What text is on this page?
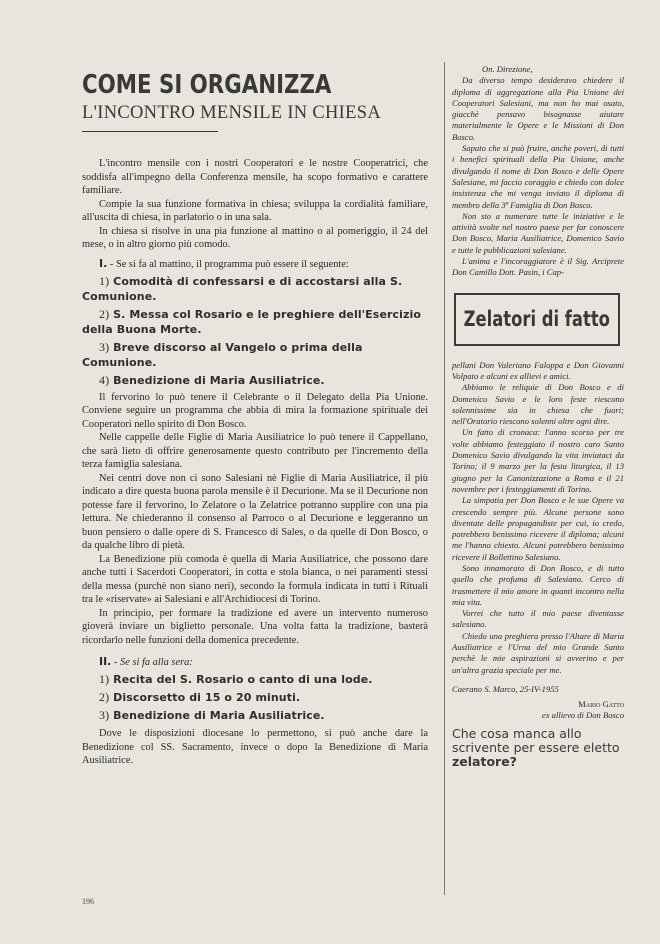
COME SI ORGANIZZA
L'INCONTRO MENSILE IN CHIESA

L'incontro mensile con i nostri Cooperatori e le nostre Cooperatrici, che soddisfa all'impegno della Conferenza mensile, ha scopo formativo e carattere familiare.

Compie la sua funzione formativa in chiesa; sviluppa la cordialità familiare, all'uscita di chiesa, in parlatorio o in una sala.

In chiesa si risolve in una pia funzione al mattino o al pomeriggio, il 24 del mese, o in altro giorno più comodo.

I. - Se si fa al mattino, il programma può essere il seguente:
1) Comodità di confessarsi e di accostarsi alla S. Comunione.
2) S. Messa col Rosario e le preghiere dell'Esercizio della Buona Morte.
3) Breve discorso al Vangelo o prima della Comunione.
4) Benedizione di Maria Ausiliatrice.

Il fervorino lo può tenere il Celebrante o il Delegato della Pia Unione. Conviene seguire un programma che abbia di mira la formazione spirituale dei Cooperatori nello spirito di Don Bosco.

Nelle cappelle delle Figlie di Maria Ausiliatrice lo può tenere il Cappellano, che sarà lieto di offrire generosamente questo contributo per l'incremento della terza famiglia salesiana.

Nei centri dove non ci sono Salesiani nè Figlie di Maria Ausiliatrice, il più indicato a dire questa buona parola mensile è il Decurione. Ma se il Decurione non potesse fare il fervorino, lo Zelatore o la Zelatrice potranno supplire con una pia lettura. Ne chiederanno il consenso al Parroco o al Decurione e leggeranno un buon pensiero o dalle opere di S. Francesco di Sales, o da quelle di Don Bosco, o da qualche libro di pietà.

La Benedizione più comoda è quella di Maria Ausiliatrice, che possono dare anche tutti i Sacerdoti Cooperatori, in cotta e stola bianca, o nei paramenti stessi della messa (purchè non siano neri), secondo la formula indicata in tutti i Rituali tra le «riservate» ai Salesiani e all'Archidiocesi di Torino.

In principio, per formare la tradizione ed avere un intervento numeroso gioverà inviare un biglietto personale. Una volta fatta la tradizione, basterà ricordarlo nelle funzioni della domenica precedente.

II. - Se si fa alla sera:
1) Recita del S. Rosario o canto di una lode.
2) Discorsetto di 15 o 20 minuti.
3) Benedizione di Maria Ausiliatrice.

Dove le disposizioni diocesane lo permettono, si può anche dare la Benedizione col SS. Sacramento, invece o dopo la Benedizione di Maria Ausiliatrice.

196

On. Direzione,

Da diverso tempo desideravo chiedere il diploma di aggregazione alla Pia Unione dei Cooperatori Salesiani, ma non ho mai osato, giacchè pensavo bisognasse aiutare materialmente le Opere e le Missioni di Don Bosco.

Saputo che si può fruire, anche poveri, di tutti i benefici spirituali della Pia Unione, anche divulgando il nome di Don Bosco e delle Opere Salesiane, mi faccio coraggio e chiedo con dolce insistenza che mi venga inviato il diploma di membro della 3ª Famiglia di Don Bosco.

Non sto a numerare tutte le iniziative e le attività svolte nel nostro paese per far conoscere Don Bosco, Maria Ausiliatrice, Domenico Savio e tutte le pubblicazioni salesiane.

L'anima e l'incoraggiatore è il Sig. Arciprete Don Camillo Dott. Pasin, i Cap-

Zelatori di fatto

pellani Don Valeriano Faloppa e Don Giovanni Volpato e alcuni ex allievi e amici.

Abbiamo le reliquie di Don Bosco e di Domenico Savio e le loro feste riescono solennissime sia in chiesa che fuori; nell'Oratorio riescono solenni oltre ogni dire.

Un fatto di cronaca: l'anno scorso per tre volte abbiamo festeggiato il nostro caro Santo Domenico Savio divulgando la vita inviataci da Torino; il 9 marzo per la festa liturgica, il 13 giugno per la Canonizzazione a Roma e il 21 novembre per i festeggiamenti di Torino.

La simpatia per Don Bosco e le sue Opere va crescendo sempre più. Alcune persone sono diventate delle propagandiste per cui, io credo, potrebbero benissimo ricevere il diploma; alcuni me l'hanno chiesto. Alcuni potrebbero benissimo ricevere il Bollettino Salesiano.

Sono innamorato di Don Bosco, e di tutto quello che profuma di Salesiano. Cerco di trasmettere il mio amore in quanti incontro nella mia vita.

Vorrei che tutto il mio paese diventasse salesiano.

Chiedo una preghiera presso l'Altare di Maria Ausiliatrice e l'Urna del mio Grande Santo perchè le mie aspirazioni si avverino e per un'altra grazia speciale per me.

Caerano S. Marco, 25-IV-1955
Mario Gatto
ex allievo di Don Bosco
Che cosa manca allo scrivente per essere eletto zelatore?
